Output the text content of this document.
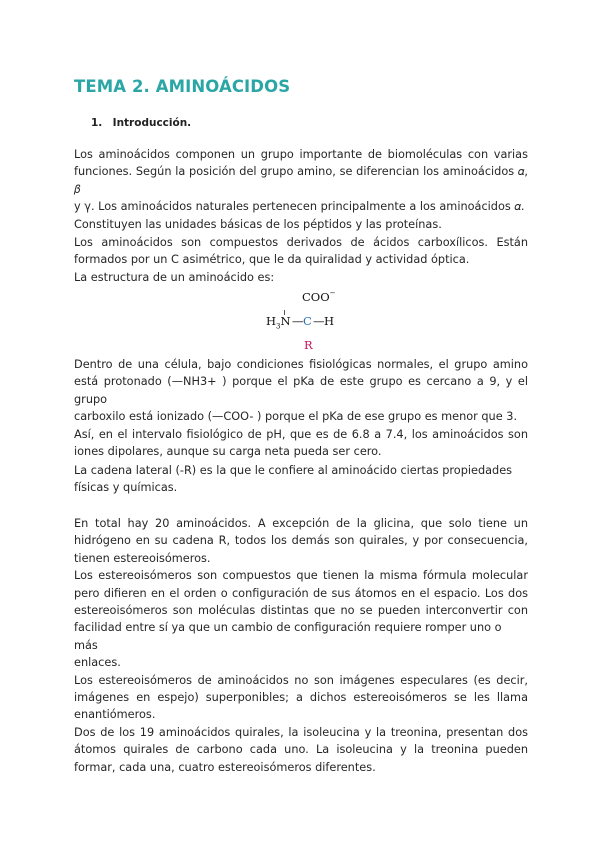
TEMA 2. AMINOÁCIDOS
1. Introducción.
Los aminoácidos componen un grupo importante de biomoléculas con varias
funciones. Según la posición del grupo amino, se diferencian los aminoácidos 𝛼, 𝛽
y γ. Los aminoácidos naturales pertenecen principalmente a los aminoácidos 𝛼.
Constituyen las unidades básicas de los péptidos y las proteínas.
Los aminoácidos son compuestos derivados de ácidos carboxílicos. Están
formados por un C asimétrico, que le da quiralidad y actividad óptica.
La estructura de un aminoácido es:
COO−
$H_3N$ — C — H
R
Dentro de una célula, bajo condiciones fisiológicas normales, el grupo amino
está protonado (—NH3+ ) porque el pKa de este grupo es cercano a 9, y el grupo
carboxilo está ionizado (—COO- ) porque el pKa de ese grupo es menor que 3.
Así, en el intervalo fisiológico de pH, que es de 6.8 a 7.4, los aminoácidos son
iones dipolares, aunque su carga neta pueda ser cero.
La cadena lateral (-R) es la que le confiere al aminoácido ciertas propiedades
físicas y químicas.
En total hay 20 aminoácidos. A excepción de la glicina, que solo tiene un
hidrógeno en su cadena R, todos los demás son quirales, y por consecuencia,
tienen estereoisómeros.
Los estereoisómeros son compuestos que tienen la misma fórmula molecular
pero difieren en el orden o configuración de sus átomos en el espacio. Los dos
estereoisómeros son moléculas distintas que no se pueden interconvertir con
facilidad entre sí ya que un cambio de configuración requiere romper uno o más
enlaces.
Los estereoisómeros de aminoácidos no son imágenes especulares (es decir,
imágenes en espejo) superponibles; a dichos estereoisómeros se les llama
enantiómeros.
Dos de los 19 aminoácidos quirales, la isoleucina y la treonina, presentan dos
átomos quirales de carbono cada uno. La isoleucina y la treonina pueden
formar, cada una, cuatro estereoisómeros diferentes.
